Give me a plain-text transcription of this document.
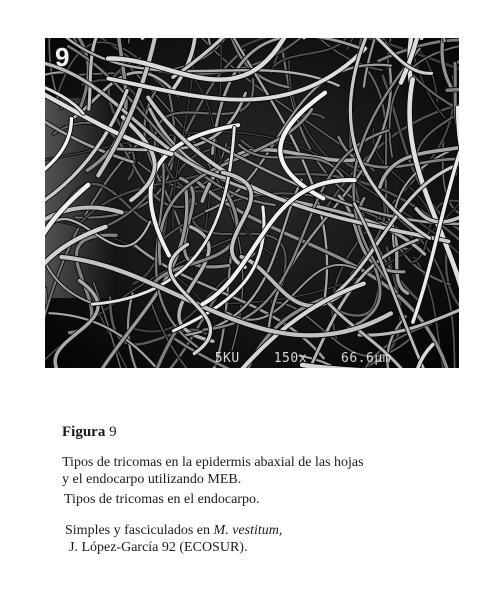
9
5KU	150x	66.6µm

Figura 9

Tipos de tricomas en la epidermis abaxial de las hojas

y el endocarpo utilizando MEB.

Tipos de tricomas en el endocarpo.

Simples y fasciculados en M. vestitum,

J. López-García 92 (ECOSUR).
